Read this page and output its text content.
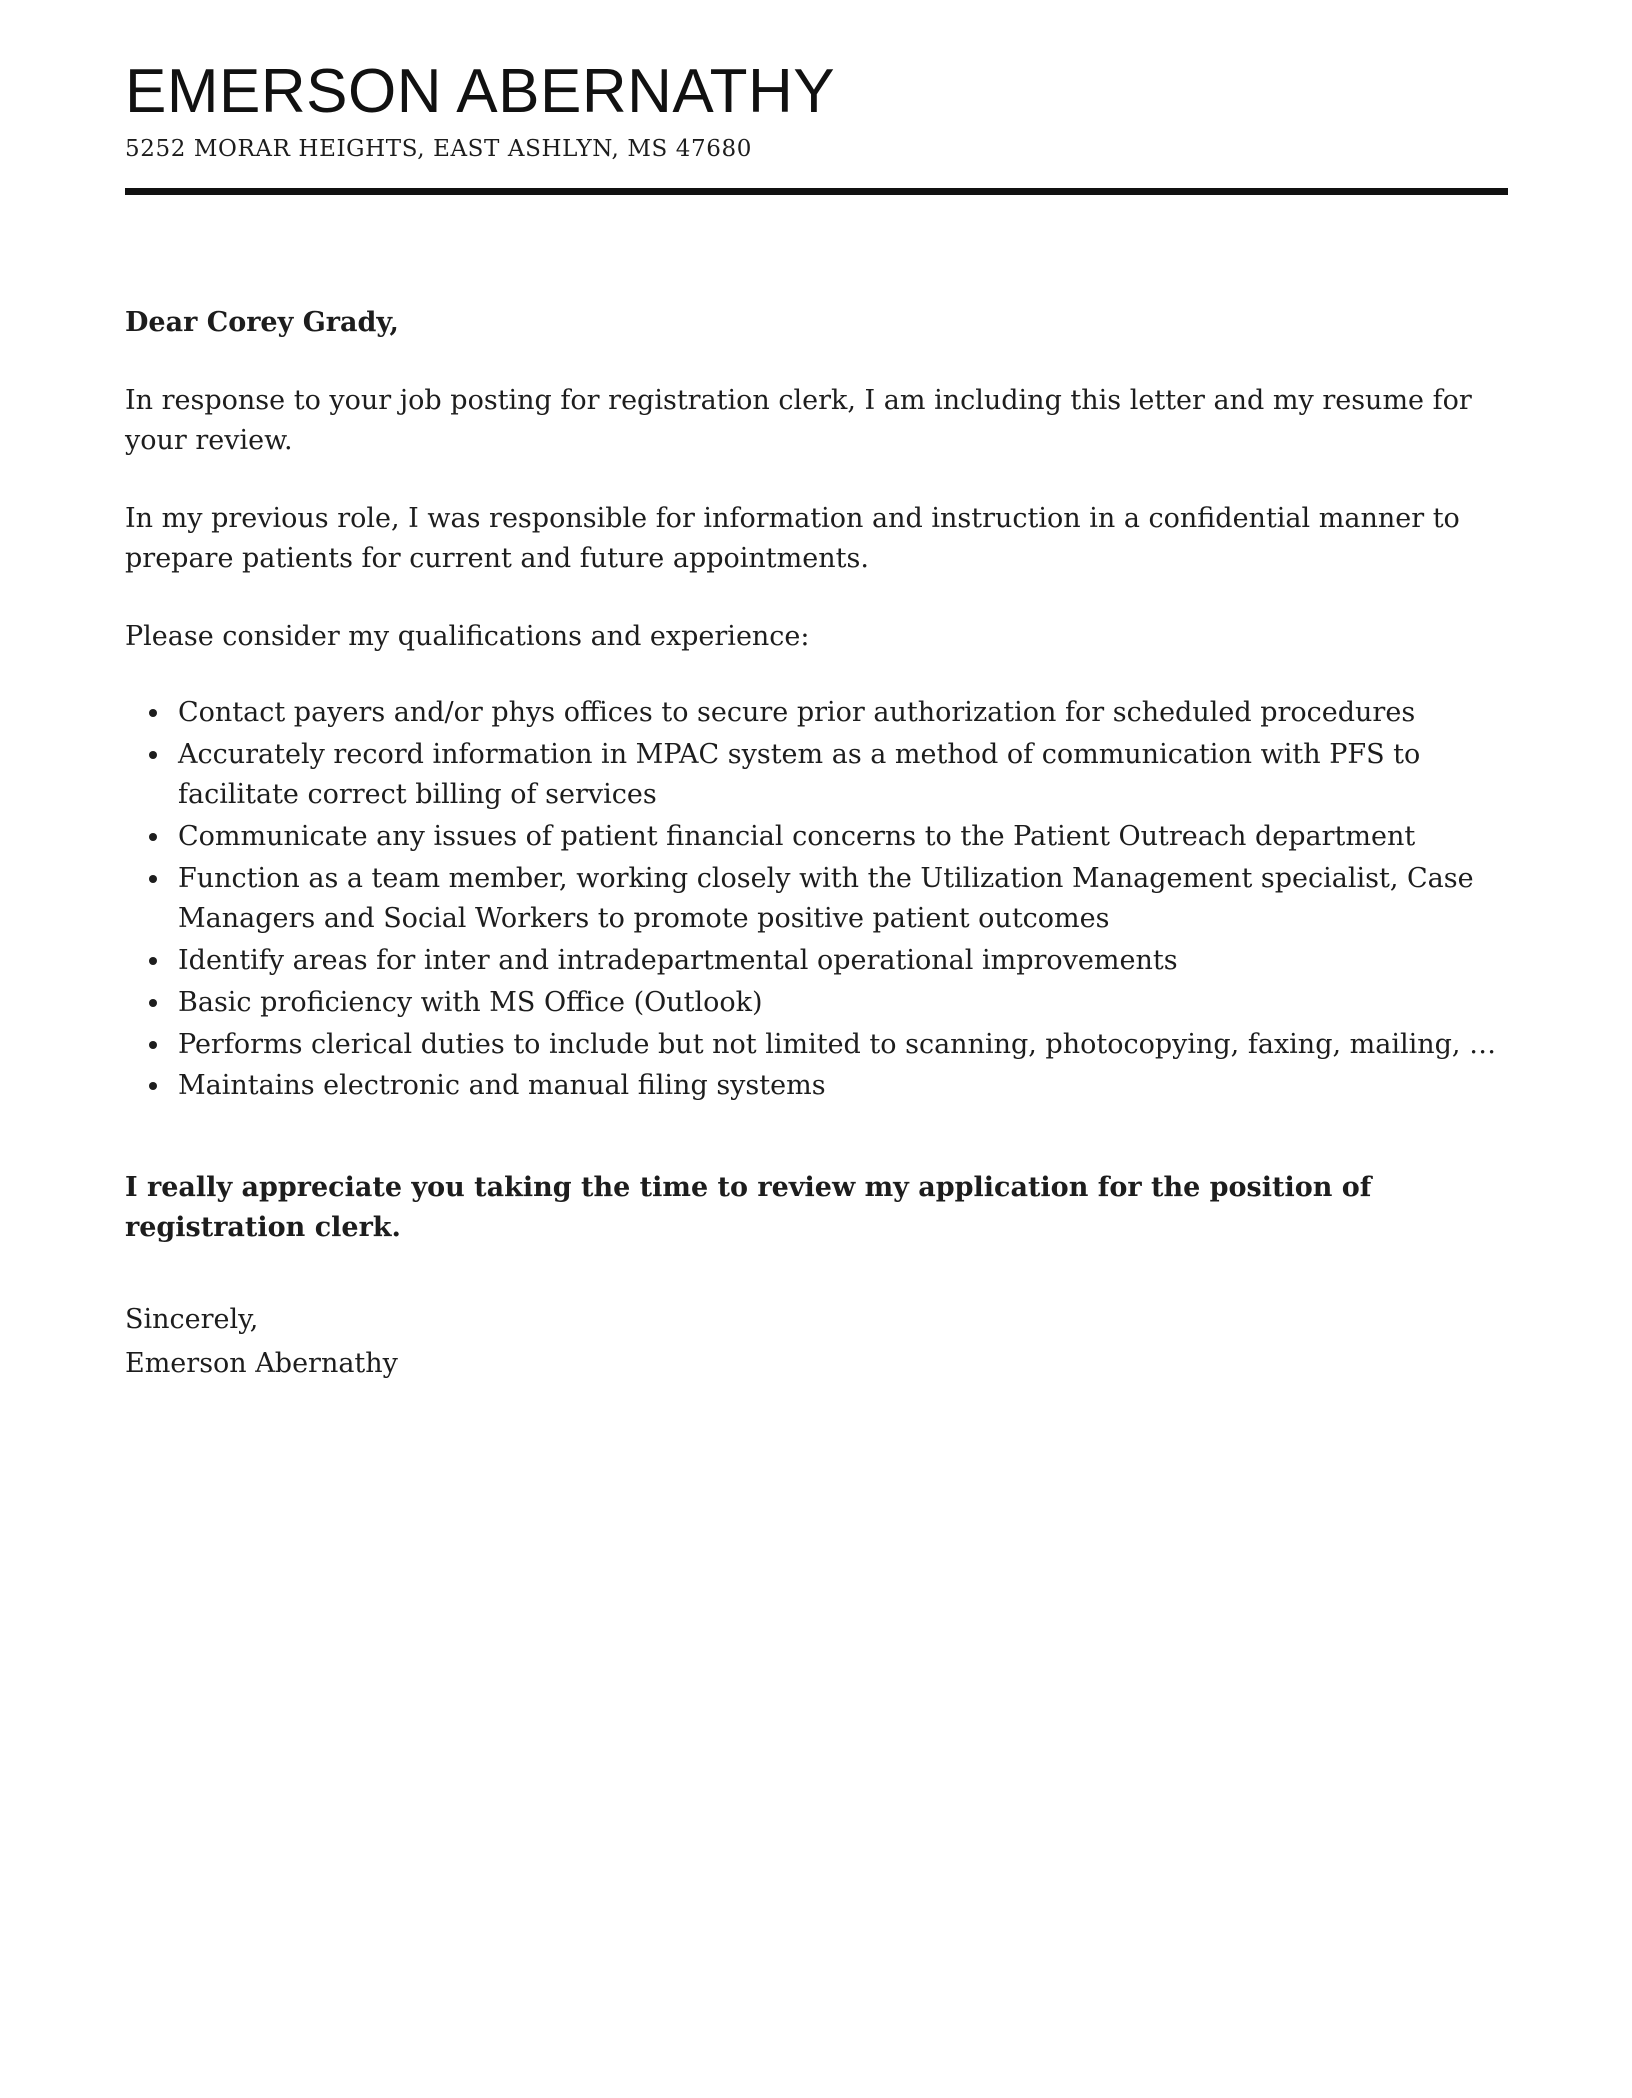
EMERSON ABERNATHY

5252 MORAR HEIGHTS, EAST ASHLYN, MS 47680

Dear Corey Grady,

In response to your job posting for registration clerk, I am including this letter and my resume for your review.

In my previous role, I was responsible for information and instruction in a confidential manner to prepare patients for current and future appointments.

Please consider my qualifications and experience:

• Contact payers and/or phys offices to secure prior authorization for scheduled procedures
• Accurately record information in MPAC system as a method of communication with PFS to facilitate correct billing of services
• Communicate any issues of patient financial concerns to the Patient Outreach department
• Function as a team member, working closely with the Utilization Management specialist, Case Managers and Social Workers to promote positive patient outcomes
• Identify areas for inter and intradepartmental operational improvements
• Basic proficiency with MS Office (Outlook)
• Performs clerical duties to include but not limited to scanning, photocopying, faxing, mailing, …
• Maintains electronic and manual filing systems

I really appreciate you taking the time to review my application for the position of registration clerk.

Sincerely,

Emerson Abernathy
